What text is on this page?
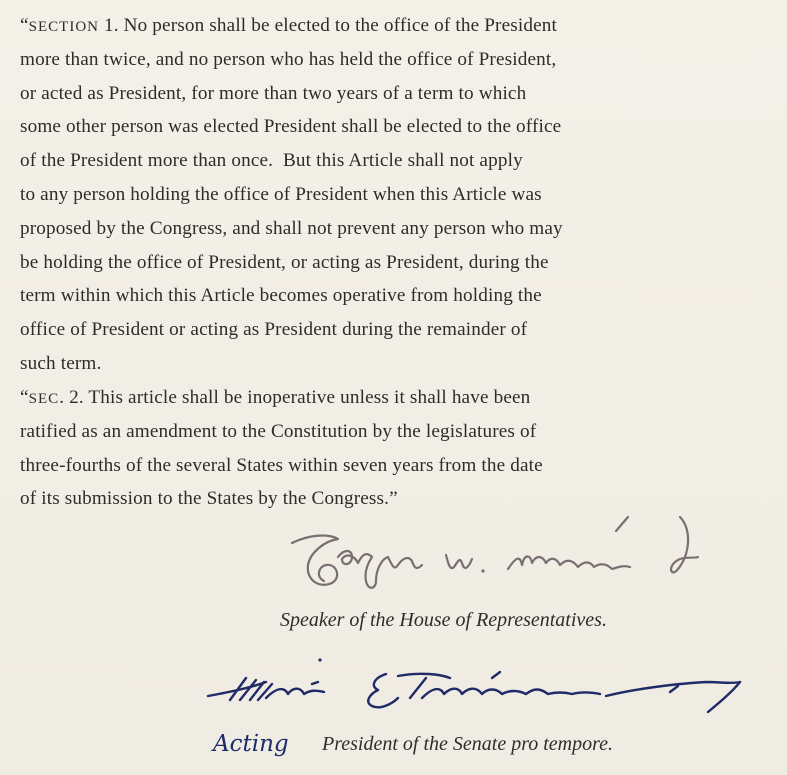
“SECTION 1. No person shall be elected to the office of the President
more than twice, and no person who has held the office of President,
or acted as President, for more than two years of a term to which
some other person was elected President shall be elected to the office
of the President more than once.  But this Article shall not apply
to any person holding the office of President when this Article was
proposed by the Congress, and shall not prevent any person who may
be holding the office of President, or acting as President, during the
term within which this Article becomes operative from holding the
office of President or acting as President during the remainder of
such term.
“SEC. 2. This article shall be inoperative unless it shall have been
ratified as an amendment to the Constitution by the legislatures of
three-fourths of the several States within seven years from the date
of its submission to the States by the Congress.”
Speaker of the House of Representatives.
Acting President of the Senate pro tempore.
